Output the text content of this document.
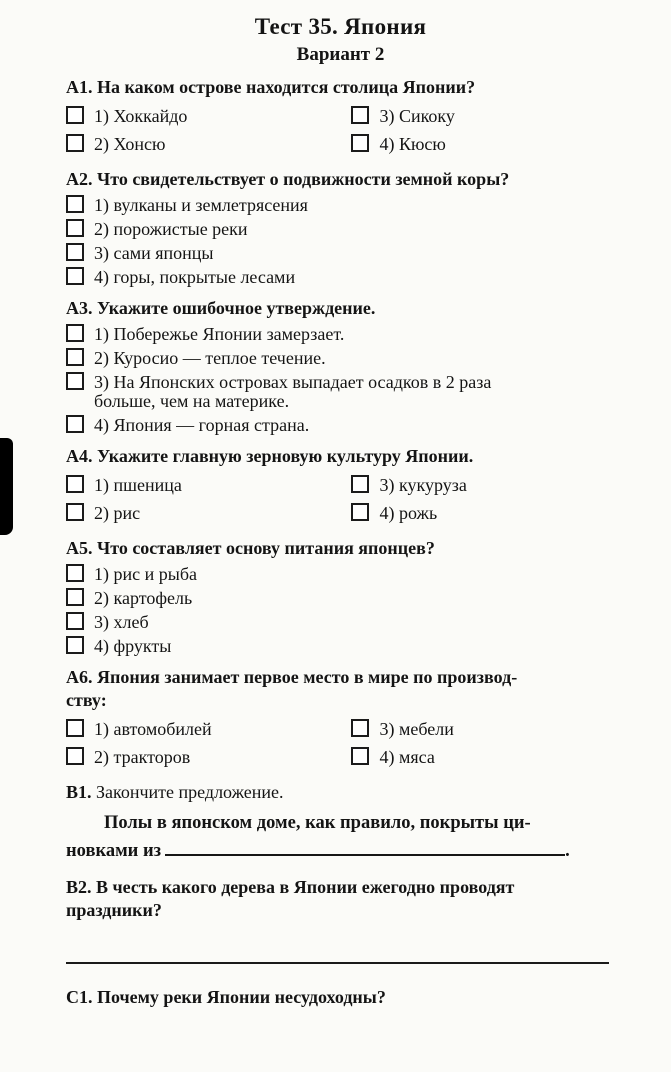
Тест 35. Япония
Вариант 2

А1. На каком острове находится столица Японии?

1) Хоккайдо	3) Сикоку
2) Хонсю	4) Кюсю

А2. Что свидетельствует о подвижности земной коры?

1) вулканы и землетрясения
2) порожистые реки
3) сами японцы
4) горы, покрытые лесами

А3. Укажите ошибочное утверждение.

1) Побережье Японии замерзает.
2) Куросио — теплое течение.
3) На Японских островах выпадает осадков в 2 раза
больше, чем на материке.
4) Япония — горная страна.

А4. Укажите главную зерновую культуру Японии.

1) пшеница	3) кукуруза
2) рис	4) рожь

А5. Что составляет основу питания японцев?

1) рис и рыба
2) картофель
3) хлеб
4) фрукты

А6. Япония занимает первое место в мире по производ-
ству:

1) автомобилей	3) мебели
2) тракторов	4) мяса

В1. Закончите предложение.

Полы в японском доме, как правило, покрыты ци-
новками из	.

В2. В честь какого дерева в Японии ежегодно проводят
праздники?

С1. Почему реки Японии несудоходны?
